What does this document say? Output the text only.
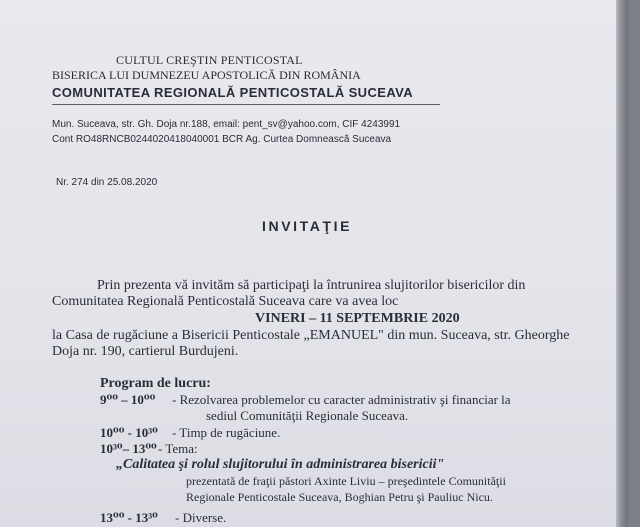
CULTUL CREŞTIN PENTICOSTAL
BISERICA LUI DUMNEZEU APOSTOLICĂ DIN ROMÂNIA
COMUNITATEA REGIONALĂ PENTICOSTALĂ SUCEAVA
Mun. Suceava, str. Gh. Doja nr.188, email: pent_sv@yahoo.com, CIF 4243991
Cont RO48RNCB0244020418040001 BCR Ag. Curtea Domnească Suceava
Nr. 274 din 25.08.2020
INVITAŢIE
Prin prezenta vă invităm să participaţi la întrunirea slujitorilor bisericilor din
Comunitatea Regională Penticostală Suceava care va avea loc
VINERI – 11 SEPTEMBRIE 2020
la Casa de rugăciune a Bisericii Penticostale „EMANUEL" din mun. Suceava, str. Gheorghe
Doja nr. 190, cartierul Burdujeni.
Program de lucru:
9⁰⁰ – 10⁰⁰ - Rezolvarea problemelor cu caracter administrativ şi financiar la
sediul Comunităţii Regionale Suceava.
10⁰⁰ - 10³⁰ - Timp de rugăciune.
10³⁰– 13⁰⁰ - Tema:
„Calitatea şi rolul slujitorului în administrarea bisericii"
prezentată de fraţii păstori Axinte Liviu – preşedintele Comunităţii
Regionale Penticostale Suceava, Boghian Petru şi Pauliuc Nicu.
13⁰⁰ - 13³⁰ - Diverse.
